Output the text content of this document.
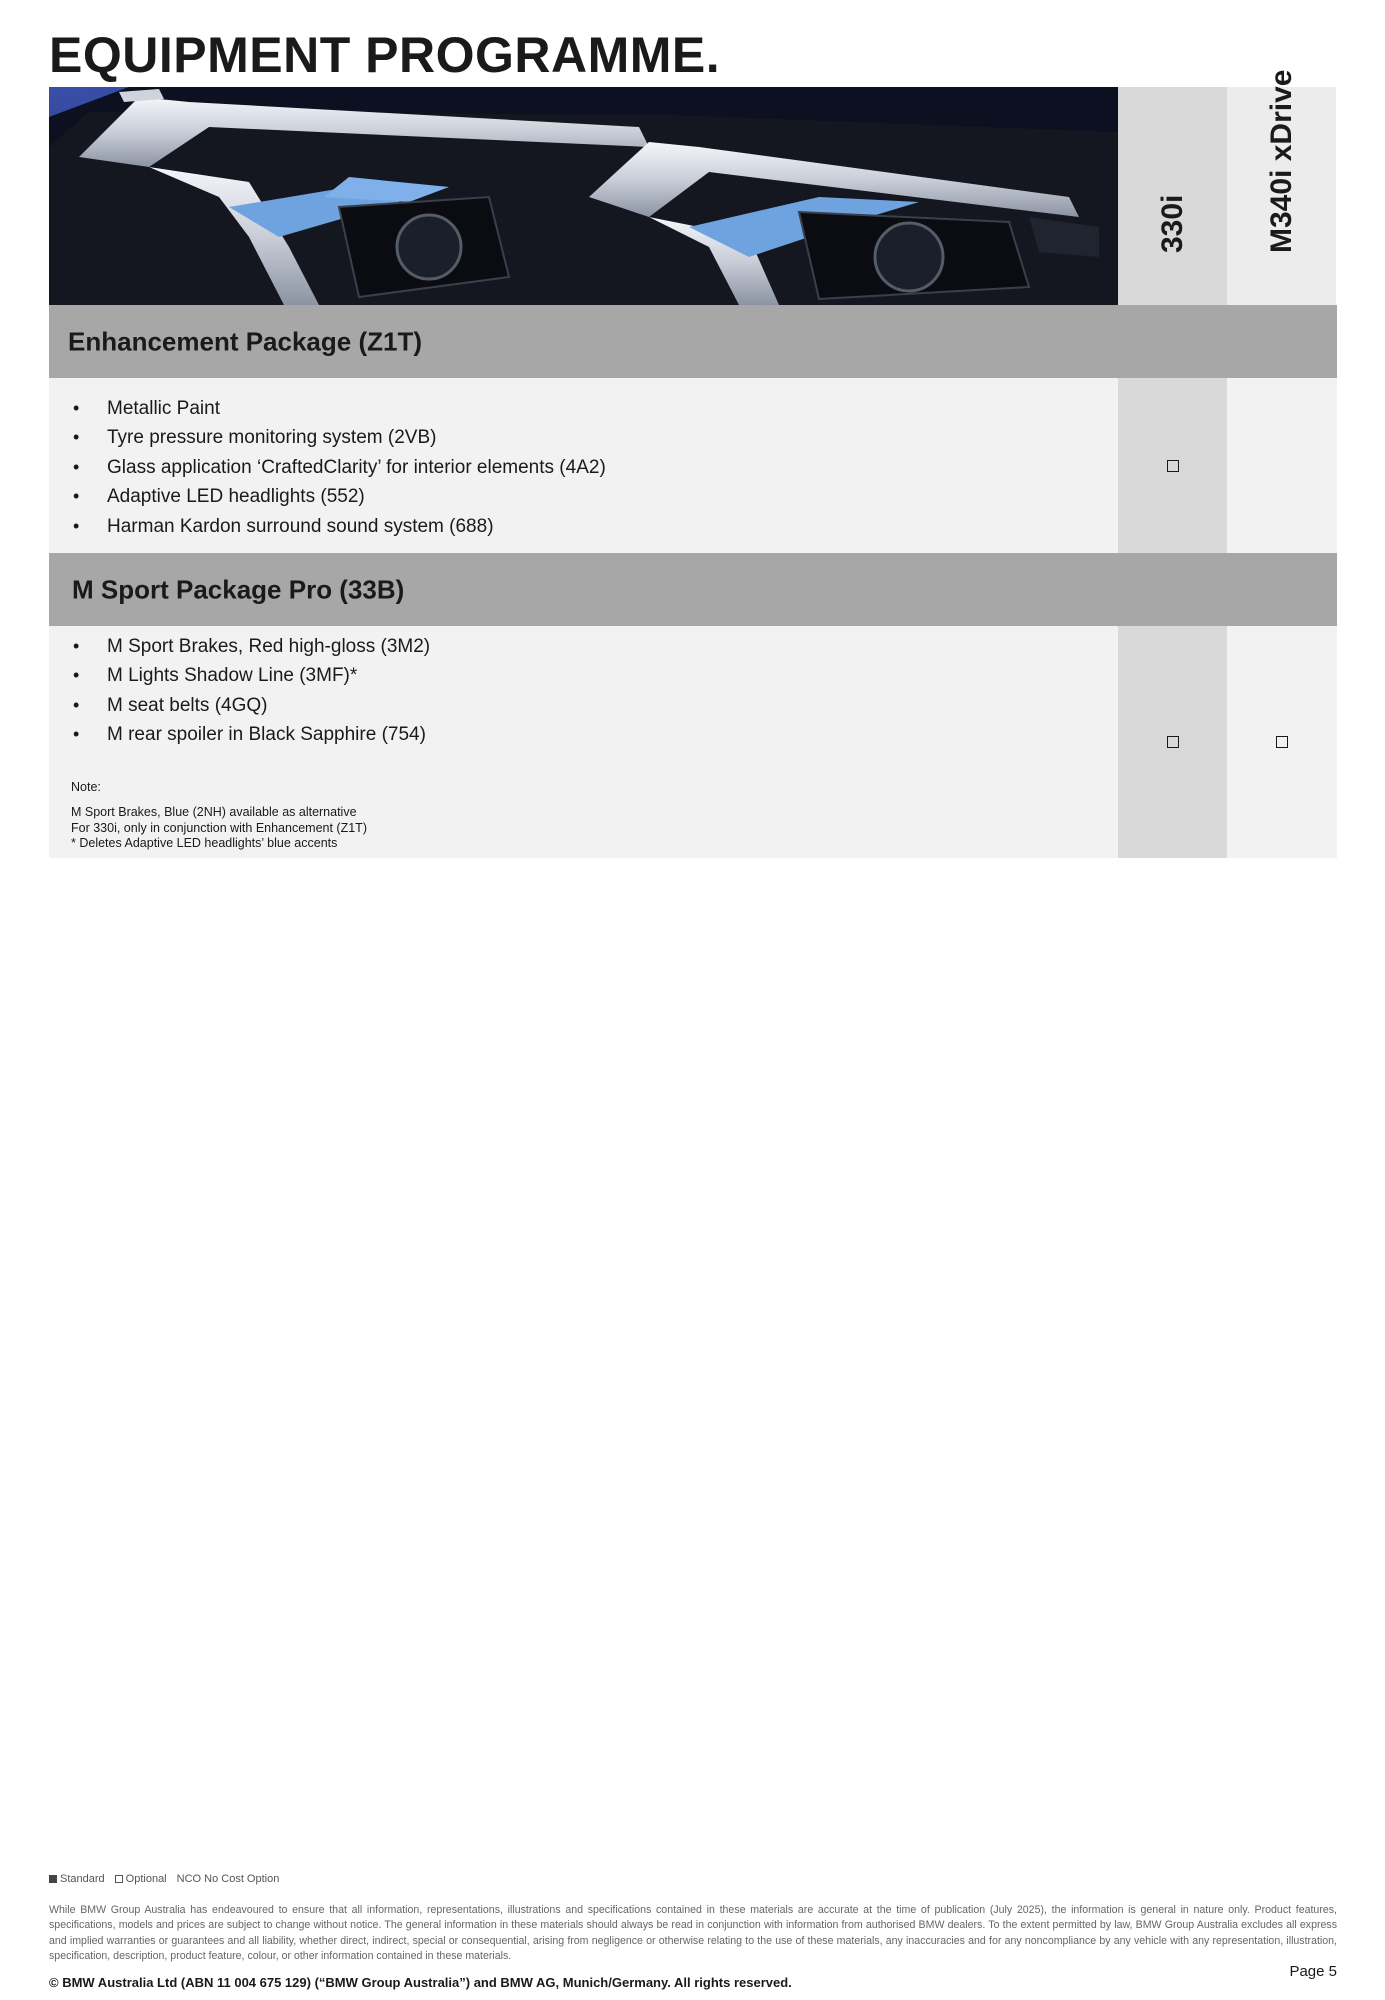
EQUIPMENT PROGRAMME.
330i	M340i xDrive
Enhancement Package (Z1T)
• Metallic Paint
• Tyre pressure monitoring system (2VB)
• Glass application ‘CraftedClarity’ for interior elements (4A2)
• Adaptive LED headlights (552)
• Harman Kardon surround sound system (688)
M Sport Package Pro (33B)
• M Sport Brakes, Red high-gloss (3M2)
• M Lights Shadow Line (3MF)*
• M seat belts (4GQ)
• M rear spoiler in Black Sapphire (754)
Note:
M Sport Brakes, Blue (2NH) available as alternative
For 330i, only in conjunction with Enhancement (Z1T)
* Deletes Adaptive LED headlights’ blue accents
Standard	Optional NCO No Cost Option
While BMW Group Australia has endeavoured to ensure that all information, representations, illustrations and specifications contained in these materials are accurate at the time of publication (July 2025), the information is general in nature only. Product features, specifications, models and prices are subject to change without notice. The general information in these materials should always be read in conjunction with information from authorised BMW dealers. To the extent permitted by law, BMW Group Australia excludes all express and implied warranties or guarantees and all liability, whether direct, indirect, special or consequential, arising from negligence or otherwise relating to the use of these materials, any inaccuracies and for any noncompliance by any vehicle with any representation, illustration, specification, description, product feature, colour, or other information contained in these materials.
© BMW Australia Ltd (ABN 11 004 675 129) (“BMW Group Australia”) and BMW AG, Munich/Germany. All rights reserved.
Page 5
